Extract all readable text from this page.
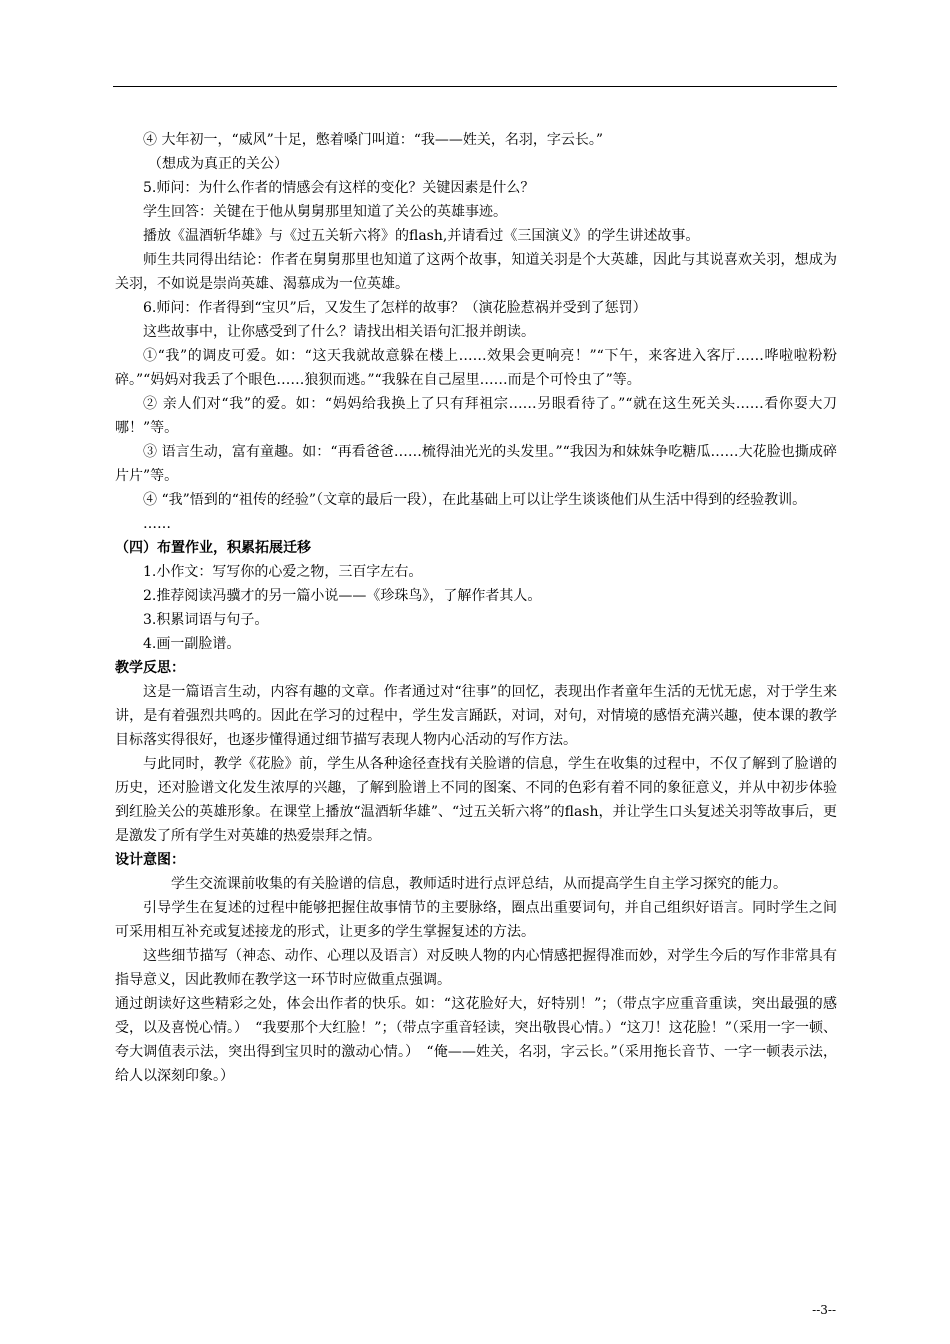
④ 大年初一，“威风”十足，憋着嗓门叫道：“我——姓关，名羽，字云长。”

（想成为真正的关公）

5.师问：为什么作者的情感会有这样的变化？关键因素是什么？

学生回答：关键在于他从舅舅那里知道了关公的英雄事迹。

播放《温酒斩华雄》与《过五关斩六将》的flash,并请看过《三国演义》的学生讲述故事。

师生共同得出结论：作者在舅舅那里也知道了这两个故事，知道关羽是个大英雄，因此与其说喜欢关羽，想成为关羽，不如说是崇尚英雄、渴慕成为一位英雄。

6.师问：作者得到“宝贝”后，又发生了怎样的故事？（演花脸惹祸并受到了惩罚）

这些故事中，让你感受到了什么？请找出相关语句汇报并朗读。

①“我”的调皮可爱。如：“这天我就故意躲在楼上……效果会更响亮！”“下午，来客进入客厅……哗啦啦粉粉碎。”“妈妈对我丢了个眼色……狼狈而逃。”“我躲在自己屋里……而是个可怜虫了”等。

② 亲人们对“我”的爱。如：“妈妈给我换上了只有拜祖宗……另眼看待了。”“就在这生死关头……看你耍大刀哪！”等。

③ 语言生动，富有童趣。如：“再看爸爸……梳得油光光的头发里。”“我因为和妹妹争吃糖瓜……大花脸也撕成碎片片”等。

④ “我”悟到的“祖传的经验”（文章的最后一段），在此基础上可以让学生谈谈他们从生活中得到的经验教训。

……

（四）布置作业，积累拓展迁移

1.小作文：写写你的心爱之物，三百字左右。

2.推荐阅读冯骥才的另一篇小说——《珍珠鸟》，了解作者其人。

3.积累词语与句子。

4.画一副脸谱。

教学反思：

这是一篇语言生动，内容有趣的文章。作者通过对“往事”的回忆，表现出作者童年生活的无忧无虑，对于学生来讲，是有着强烈共鸣的。因此在学习的过程中，学生发言踊跃，对词，对句，对情境的感悟充满兴趣，使本课的教学目标落实得很好，也逐步懂得通过细节描写表现人物内心活动的写作方法。

与此同时，教学《花脸》前，学生从各种途径查找有关脸谱的信息，学生在收集的过程中，不仅了解到了脸谱的历史，还对脸谱文化发生浓厚的兴趣，了解到脸谱上不同的图案、不同的色彩有着不同的象征意义，并从中初步体验到红脸关公的英雄形象。在课堂上播放“温酒斩华雄”、“过五关斩六将”的flash，并让学生口头复述关羽等故事后，更是激发了所有学生对英雄的热爱崇拜之情。

设计意图：

学生交流课前收集的有关脸谱的信息，教师适时进行点评总结，从而提高学生自主学习探究的能力。

引导学生在复述的过程中能够把握住故事情节的主要脉络，圈点出重要词句，并自己组织好语言。同时学生之间可采用相互补充或复述接龙的形式，让更多的学生掌握复述的方法。

这些细节描写（神态、动作、心理以及语言）对反映人物的内心情感把握得准而妙，对学生今后的写作非常具有指导意义，因此教师在教学这一环节时应做重点强调。

通过朗读好这些精彩之处，体会出作者的快乐。如：“这花脸好大，好特别！”；（带点字应重音重读，突出最强的感受，以及喜悦心情。）　“我要那个大红脸！”；（带点字重音轻读，突出敬畏心情。）“这刀！这花脸！”（采用一字一顿、夸大调值表示法，突出得到宝贝时的激动心情。）　“俺——姓关，名羽，字云长。”（采用拖长音节、一字一顿表示法，给人以深刻印象。）

--3--
